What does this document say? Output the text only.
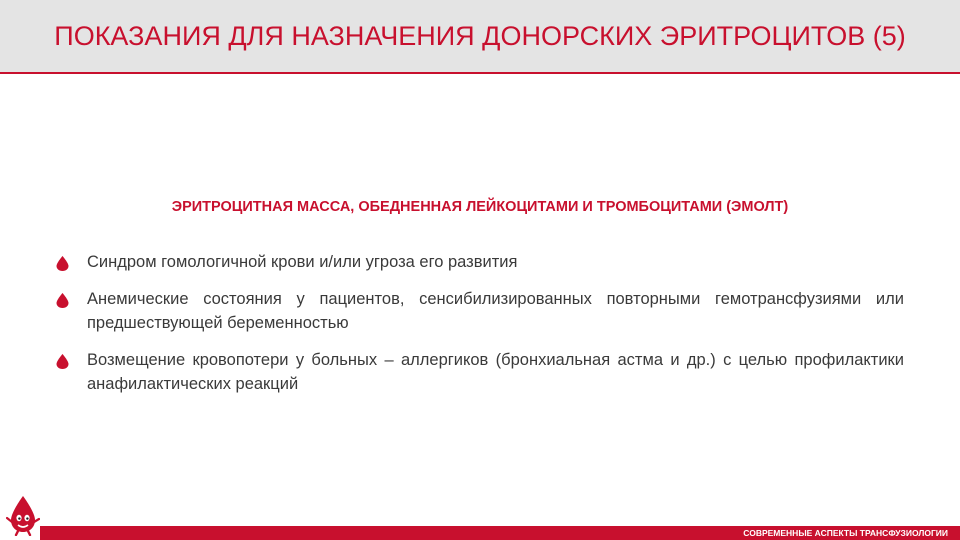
ПОКАЗАНИЯ ДЛЯ НАЗНАЧЕНИЯ ДОНОРСКИХ ЭРИТРОЦИТОВ (5)
ЭРИТРОЦИТНАЯ МАССА, ОБЕДНЕННАЯ ЛЕЙКОЦИТАМИ И ТРОМБОЦИТАМИ (ЭМОЛТ)
Синдром гомологичной крови и/или угроза его развития
Анемические состояния у пациентов, сенсибилизированных повторными гемотрансфузиями или предшествующей беременностью
Возмещение кровопотери у больных – аллергиков (бронхиальная астма и др.) с целью профилактики анафилактических реакций
СОВРЕМЕННЫЕ АСПЕКТЫ ТРАНСФУЗИОЛОГИИ
